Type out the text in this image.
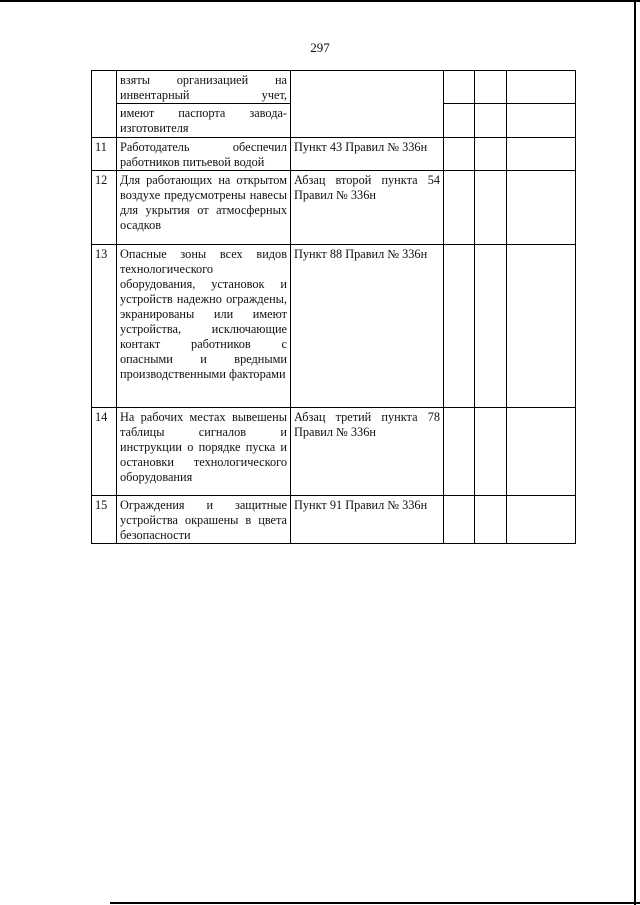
297
	взяты организацией на инвентарный учет,				
	имеют паспорта завода-изготовителя				
11	Работодатель обеспечил работников питьевой водой	Пункт 43 Правил № 336н			
12	Для работающих на открытом воздухе предусмотрены навесы для укрытия от атмосферных осадков	Абзац второй пункта 54 Правил № 336н			
13	Опасные зоны всех видов технологического оборудования, установок и устройств надежно ограждены, экранированы или имеют устройства, исключающие контакт работников с опасными и вредными производственными факторами	Пункт 88 Правил № 336н			
14	На рабочих местах вывешены таблицы сигналов и инструкции о порядке пуска и остановки технологического оборудования	Абзац третий пункта 78 Правил № 336н			
15	Ограждения и защитные устройства окрашены в цвета безопасности	Пункт 91 Правил № 336н			
